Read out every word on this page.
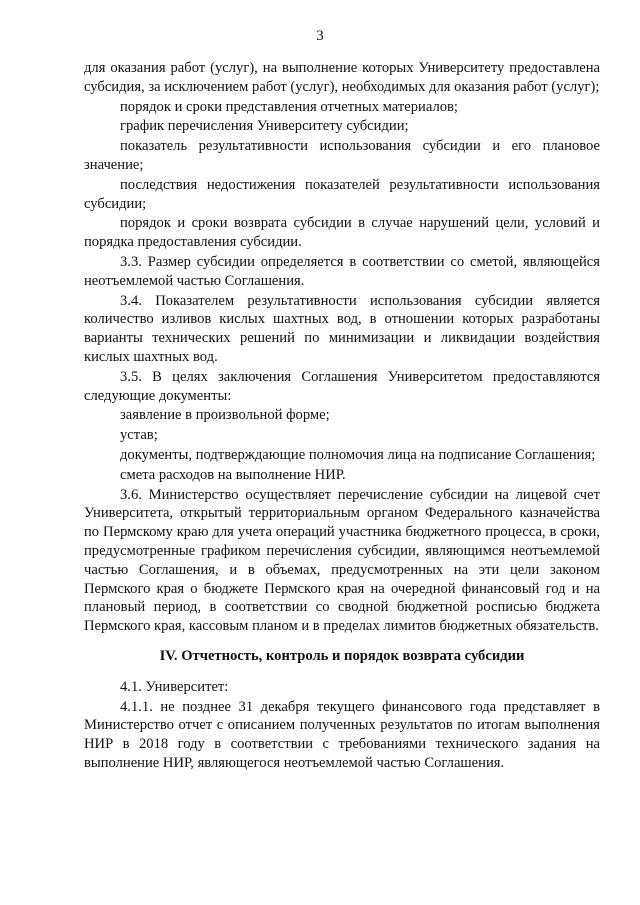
3

для оказания работ (услуг), на выполнение которых Университету предоставлена субсидия, за исключением работ (услуг), необходимых для оказания работ (услуг);

порядок и сроки представления отчетных материалов;

график перечисления Университету субсидии;

показатель результативности использования субсидии и его плановое значение;

последствия недостижения показателей результативности использования субсидии;

порядок и сроки возврата субсидии в случае нарушений цели, условий и порядка предоставления субсидии.

3.3. Размер субсидии определяется в соответствии со сметой, являющейся неотъемлемой частью Соглашения.

3.4. Показателем результативности использования субсидии является количество изливов кислых шахтных вод, в отношении которых разработаны варианты технических решений по минимизации и ликвидации воздействия кислых шахтных вод.

3.5. В целях заключения Соглашения Университетом предоставляются следующие документы:

заявление в произвольной форме;

устав;

документы, подтверждающие полномочия лица на подписание Соглашения;

смета расходов на выполнение НИР.

3.6. Министерство осуществляет перечисление субсидии на лицевой счет Университета, открытый территориальным органом Федерального казначейства по Пермскому краю для учета операций участника бюджетного процесса, в сроки, предусмотренные графиком перечисления субсидии, являющимся неотъемлемой частью Соглашения, и в объемах, предусмотренных на эти цели законом Пермского края о бюджете Пермского края на очередной финансовый год и на плановый период, в соответствии со сводной бюджетной росписью бюджета Пермского края, кассовым планом и в пределах лимитов бюджетных обязательств.

IV. Отчетность, контроль и порядок возврата субсидии

4.1. Университет:

4.1.1. не позднее 31 декабря текущего финансового года представляет в Министерство отчет с описанием полученных результатов по итогам выполнения НИР в 2018 году в соответствии с требованиями технического задания на выполнение НИР, являющегося неотъемлемой частью Соглашения.
